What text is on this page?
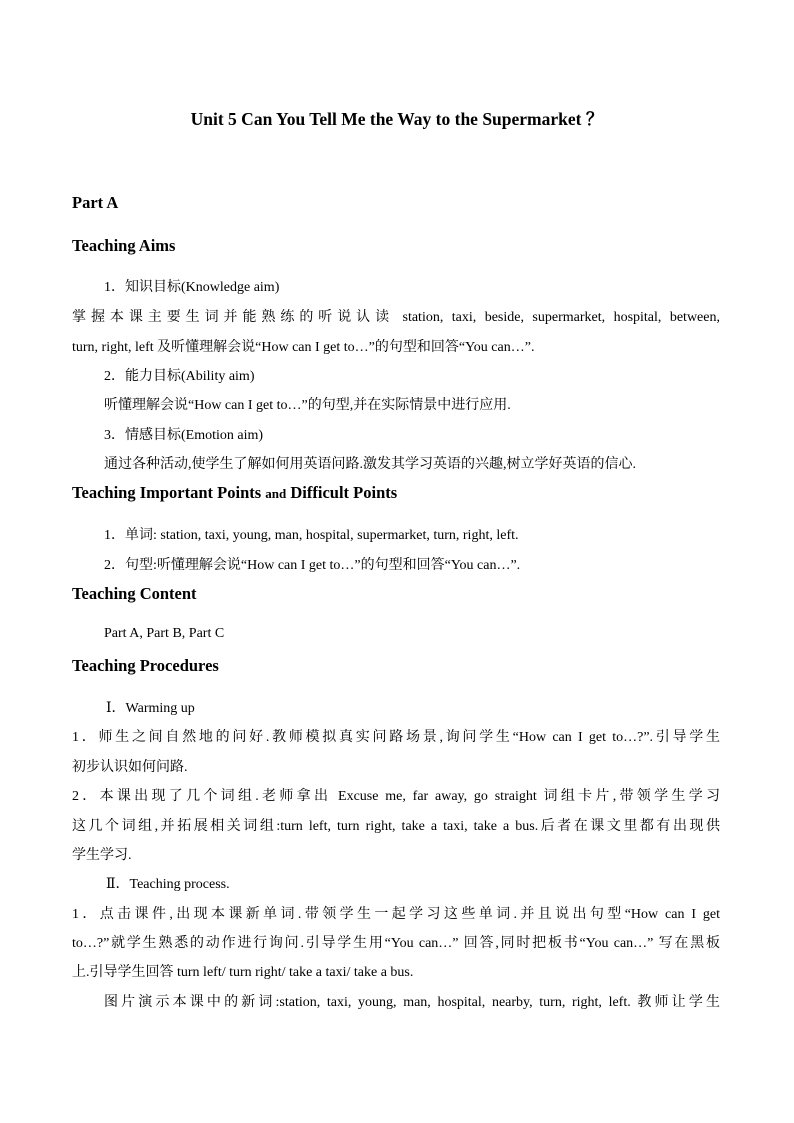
Unit 5 Can You Tell Me the Way to the Supermarket ？
Part A
Teaching Aims
1．知识目标(Knowledge aim)
掌握本课主要生词并能熟练的听说认读 station, taxi, beside, supermarket, hospital, between,
turn, right, left 及听懂理解会说“How can I get to…”的句型和回答“You can…”.
2．能力目标(Ability aim)
听懂理解会说“How can I get to…”的句型,并在实际情景中进行应用.
3．情感目标(Emotion aim)
通过各种活动,使学生了解如何用英语问路.激发其学习英语的兴趣,树立学好英语的信心.
Teaching Important Points and Difficult Points
1．单词: station, taxi, young, man, hospital, supermarket, turn, right, left.
2．句型:听懂理解会说“How can I get to…”的句型和回答“You can…”.
Teaching Content
Part A, Part B, Part C
Teaching Procedures
Ⅰ．Warming up
1．师生之间自然地的问好.教师模拟真实问路场景,询问学生“How can I get to…?”.引导学生
初步认识如何问路.
2．本课出现了几个词组.老师拿出 Excuse me, far away, go straight 词组卡片,带领学生学习
这几个词组,并拓展相关词组:turn left, turn right, take a taxi, take a bus.后者在课文里都有出现供
学生学习.
Ⅱ．Teaching process.
1．点击课件,出现本课新单词.带领学生一起学习这些单词.并且说出句型“How can I get
to…?”就学生熟悉的动作进行询问.引导学生用“You can…” 回答,同时把板书“You can…” 写在黑板
上.引导学生回答 turn left/ turn right/ take a taxi/ take a bus.
图片演示本课中的新词:station, taxi, young, man, hospital, nearby, turn, right, left. 教师让学生
